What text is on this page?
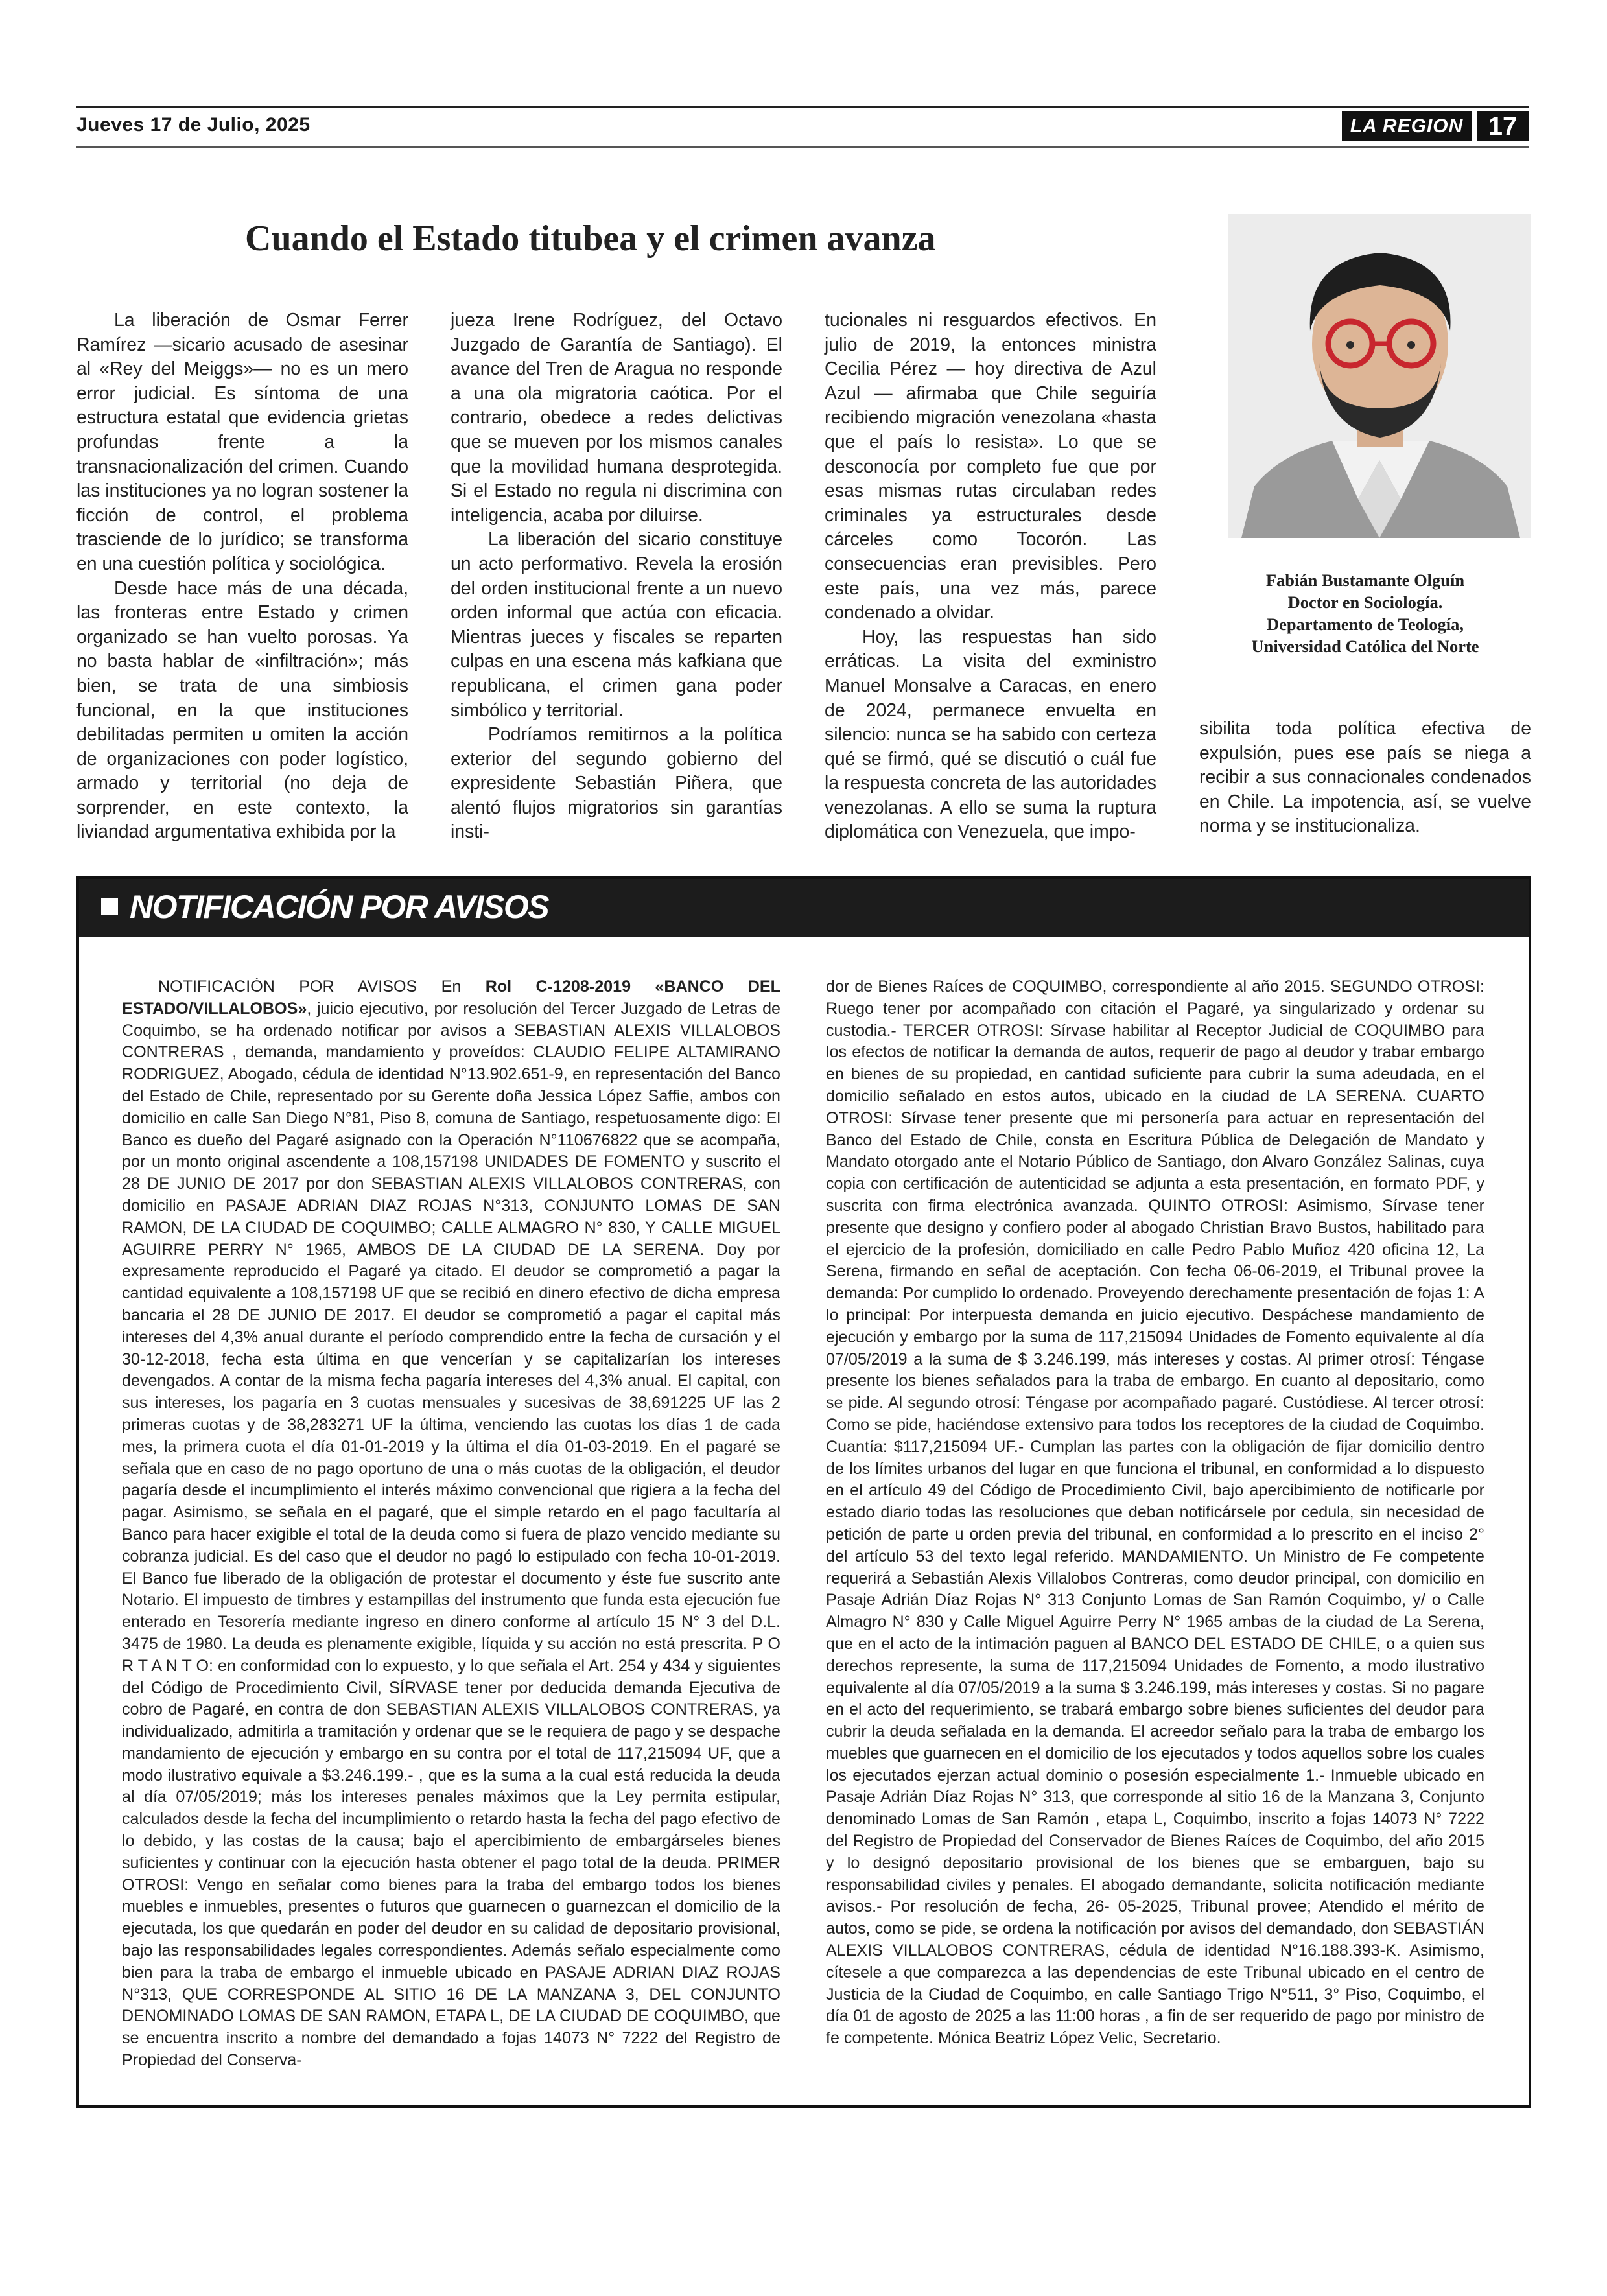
Jueves 17 de Julio, 2025	LA REGION 17
Cuando el Estado titubea y el crimen avanza

La liberación de Osmar Ferrer Ramírez —sicario acusado de asesinar al «Rey del Meiggs»— no es un mero error judicial. Es síntoma de una estructura estatal que evidencia grietas profundas frente a la transnacionalización del crimen. Cuando las instituciones ya no logran sostener la ficción de control, el problema trasciende de lo jurídico; se transforma en una cuestión política y sociológica.

Desde hace más de una década, las fronteras entre Estado y crimen organizado se han vuelto porosas. Ya no basta hablar de «infiltración»; más bien, se trata de una simbiosis funcional, en la que instituciones debilitadas permiten u omiten la acción de organizaciones con poder logístico, armado y territorial (no deja de sorprender, en este contexto, la liviandad argumentativa exhibida por la

jueza Irene Rodríguez, del Octavo Juzgado de Garantía de Santiago). El avance del Tren de Aragua no responde a una ola migratoria caótica. Por el contrario, obedece a redes delictivas que se mueven por los mismos canales que la movilidad humana desprotegida. Si el Estado no regula ni discrimina con inteligencia, acaba por diluirse.

La liberación del sicario constituye un acto performativo. Revela la erosión del orden institucional frente a un nuevo orden informal que actúa con eficacia. Mientras jueces y fiscales se reparten culpas en una escena más kafkiana que republicana, el crimen gana poder simbólico y territorial.

Podríamos remitirnos a la política exterior del segundo gobierno del expresidente Sebastián Piñera, que alentó flujos migratorios sin garantías insti-

tucionales ni resguardos efectivos. En julio de 2019, la entonces ministra Cecilia Pérez — hoy directiva de Azul Azul — afirmaba que Chile seguiría recibiendo migración venezolana «hasta que el país lo resista». Lo que se desconocía por completo fue que por esas mismas rutas circulaban redes criminales ya estructurales desde cárceles como Tocorón. Las consecuencias eran previsibles. Pero este país, una vez más, parece condenado a olvidar.

Hoy, las respuestas han sido erráticas. La visita del exministro Manuel Monsalve a Caracas, en enero de 2024, permanece envuelta en silencio: nunca se ha sabido con certeza qué se firmó, qué se discutió o cuál fue la respuesta concreta de las autoridades venezolanas. A ello se suma la ruptura diplomática con Venezuela, que impo-

sibilita toda política efectiva de expulsión, pues ese país se niega a recibir a sus connacionales condenados en Chile. La impotencia, así, se vuelve norma y se institucionaliza.

Fabián Bustamante Olguín
Doctor en Sociología.
Departamento de Teología,
Universidad Católica del Norte
NOTIFICACIÓN POR AVISOS

NOTIFICACIÓN POR AVISOS En Rol C-1208-2019 «BANCO DEL ESTADO/VILLALOBOS», juicio ejecutivo, por resolución del Tercer Juzgado de Letras de Coquimbo, se ha ordenado notificar por avisos a SEBASTIAN ALEXIS VILLALOBOS CONTRERAS , demanda, mandamiento y proveídos: CLAUDIO FELIPE ALTAMIRANO RODRIGUEZ, Abogado, cédula de identidad N°13.902.651-9, en representación del Banco del Estado de Chile, representado por su Gerente doña Jessica López Saffie, ambos con domicilio en calle San Diego N°81, Piso 8, comuna de Santiago, respetuosamente digo: El Banco es dueño del Pagaré asignado con la Operación N°110676822 que se acompaña, por un monto original ascendente a 108,157198 UNIDADES DE FOMENTO y suscrito el 28 DE JUNIO DE 2017 por don SEBASTIAN ALEXIS VILLALOBOS CONTRERAS, con domicilio en PASAJE ADRIAN DIAZ ROJAS N°313, CONJUNTO LOMAS DE SAN RAMON, DE LA CIUDAD DE COQUIMBO; CALLE ALMAGRO N° 830, Y CALLE MIGUEL AGUIRRE PERRY N° 1965, AMBOS DE LA CIUDAD DE LA SERENA. Doy por expresamente reproducido el Pagaré ya citado. El deudor se comprometió a pagar la cantidad equivalente a 108,157198 UF que se recibió en dinero efectivo de dicha empresa bancaria el 28 DE JUNIO DE 2017. El deudor se comprometió a pagar el capital más intereses del 4,3% anual durante el período comprendido entre la fecha de cursación y el 30-12-2018, fecha esta última en que vencerían y se capitalizarían los intereses devengados. A contar de la misma fecha pagaría intereses del 4,3% anual. El capital, con sus intereses, los pagaría en 3 cuotas mensuales y sucesivas de 38,691225 UF las 2 primeras cuotas y de 38,283271 UF la última, venciendo las cuotas los días 1 de cada mes, la primera cuota el día 01-01-2019 y la última el día 01-03-2019. En el pagaré se señala que en caso de no pago oportuno de una o más cuotas de la obligación, el deudor pagaría desde el incumplimiento el interés máximo convencional que rigiera a la fecha del pagar. Asimismo, se señala en el pagaré, que el simple retardo en el pago facultaría al Banco para hacer exigible el total de la deuda como si fuera de plazo vencido mediante su cobranza judicial. Es del caso que el deudor no pagó lo estipulado con fecha 10-01-2019. El Banco fue liberado de la obligación de protestar el documento y éste fue suscrito ante Notario. El impuesto de timbres y estampillas del instrumento que funda esta ejecución fue enterado en Tesorería mediante ingreso en dinero conforme al artículo 15 N° 3 del D.L. 3475 de 1980. La deuda es plenamente exigible, líquida y su acción no está prescrita. P O R T A N T O: en conformidad con lo expuesto, y lo que señala el Art. 254 y 434 y siguientes del Código de Procedimiento Civil, SÍRVASE tener por deducida demanda Ejecutiva de cobro de Pagaré, en contra de don SEBASTIAN ALEXIS VILLALOBOS CONTRERAS, ya individualizado, admitirla a tramitación y ordenar que se le requiera de pago y se despache mandamiento de ejecución y embargo en su contra por el total de 117,215094 UF, que a modo ilustrativo equivale a $3.246.199.- , que es la suma a la cual está reducida la deuda al día 07/05/2019; más los intereses penales máximos que la Ley permita estipular, calculados desde la fecha del incumplimiento o retardo hasta la fecha del pago efectivo de lo debido, y las costas de la causa; bajo el apercibimiento de embargárseles bienes suficientes y continuar con la ejecución hasta obtener el pago total de la deuda. PRIMER OTROSI: Vengo en señalar como bienes para la traba del embargo todos los bienes muebles e inmuebles, presentes o futuros que guarnecen o guarnezcan el domicilio de la ejecutada, los que quedarán en poder del deudor en su calidad de depositario provisional, bajo las responsabilidades legales correspondientes. Además señalo especialmente como bien para la traba de embargo el inmueble ubicado en PASAJE ADRIAN DIAZ ROJAS N°313, QUE CORRESPONDE AL SITIO 16 DE LA MANZANA 3, DEL CONJUNTO DENOMINADO LOMAS DE SAN RAMON, ETAPA L, DE LA CIUDAD DE COQUIMBO, que se encuentra inscrito a nombre del demandado a fojas 14073 N° 7222 del Registro de Propiedad del Conserva-

dor de Bienes Raíces de COQUIMBO, correspondiente al año 2015. SEGUNDO OTROSI: Ruego tener por acompañado con citación el Pagaré, ya singularizado y ordenar su custodia.- TERCER OTROSI: Sírvase habilitar al Receptor Judicial de COQUIMBO para los efectos de notificar la demanda de autos, requerir de pago al deudor y trabar embargo en bienes de su propiedad, en cantidad suficiente para cubrir la suma adeudada, en el domicilio señalado en estos autos, ubicado en la ciudad de LA SERENA. CUARTO OTROSI: Sírvase tener presente que mi personería para actuar en representación del Banco del Estado de Chile, consta en Escritura Pública de Delegación de Mandato y Mandato otorgado ante el Notario Público de Santiago, don Alvaro González Salinas, cuya copia con certificación de autenticidad se adjunta a esta presentación, en formato PDF, y suscrita con firma electrónica avanzada. QUINTO OTROSI: Asimismo, Sírvase tener presente que designo y confiero poder al abogado Christian Bravo Bustos, habilitado para el ejercicio de la profesión, domiciliado en calle Pedro Pablo Muñoz 420 oficina 12, La Serena, firmando en señal de aceptación. Con fecha 06-06-2019, el Tribunal provee la demanda: Por cumplido lo ordenado. Proveyendo derechamente presentación de fojas 1: A lo principal: Por interpuesta demanda en juicio ejecutivo. Despáchese mandamiento de ejecución y embargo por la suma de 117,215094 Unidades de Fomento equivalente al día 07/05/2019 a la suma de $ 3.246.199, más intereses y costas. Al primer otrosí: Téngase presente los bienes señalados para la traba de embargo. En cuanto al depositario, como se pide. Al segundo otrosí: Téngase por acompañado pagaré. Custódiese. Al tercer otrosí: Como se pide, haciéndose extensivo para todos los receptores de la ciudad de Coquimbo. Cuantía: $117,215094 UF.- Cumplan las partes con la obligación de fijar domicilio dentro de los límites urbanos del lugar en que funciona el tribunal, en conformidad a lo dispuesto en el artículo 49 del Código de Procedimiento Civil, bajo apercibimiento de notificarle por estado diario todas las resoluciones que deban notificársele por cedula, sin necesidad de petición de parte u orden previa del tribunal, en conformidad a lo prescrito en el inciso 2° del artículo 53 del texto legal referido. MANDAMIENTO. Un Ministro de Fe competente requerirá a Sebastián Alexis Villalobos Contreras, como deudor principal, con domicilio en Pasaje Adrián Díaz Rojas N° 313 Conjunto Lomas de San Ramón Coquimbo, y/ o Calle Almagro N° 830 y Calle Miguel Aguirre Perry N° 1965 ambas de la ciudad de La Serena, que en el acto de la intimación paguen al BANCO DEL ESTADO DE CHILE, o a quien sus derechos represente, la suma de 117,215094 Unidades de Fomento, a modo ilustrativo equivalente al día 07/05/2019 a la suma $ 3.246.199, más intereses y costas. Si no pagare en el acto del requerimiento, se trabará embargo sobre bienes suficientes del deudor para cubrir la deuda señalada en la demanda. El acreedor señalo para la traba de embargo los muebles que guarnecen en el domicilio de los ejecutados y todos aquellos sobre los cuales los ejecutados ejerzan actual dominio o posesión especialmente 1.- Inmueble ubicado en Pasaje Adrián Díaz Rojas N° 313, que corresponde al sitio 16 de la Manzana 3, Conjunto denominado Lomas de San Ramón , etapa L, Coquimbo, inscrito a fojas 14073 N° 7222 del Registro de Propiedad del Conservador de Bienes Raíces de Coquimbo, del año 2015 y lo designó depositario provisional de los bienes que se embarguen, bajo su responsabilidad civiles y penales. El abogado demandante, solicita notificación mediante avisos.- Por resolución de fecha, 26- 05-2025, Tribunal provee; Atendido el mérito de autos, como se pide, se ordena la notificación por avisos del demandado, don SEBASTIÁN ALEXIS VILLALOBOS CONTRERAS, cédula de identidad N°16.188.393-K. Asimismo, cítesele a que comparezca a las dependencias de este Tribunal ubicado en el centro de Justicia de la Ciudad de Coquimbo, en calle Santiago Trigo N°511, 3° Piso, Coquimbo, el día 01 de agosto de 2025 a las 11:00 horas , a fin de ser requerido de pago por ministro de fe competente. Mónica Beatriz López Velic, Secretario.
